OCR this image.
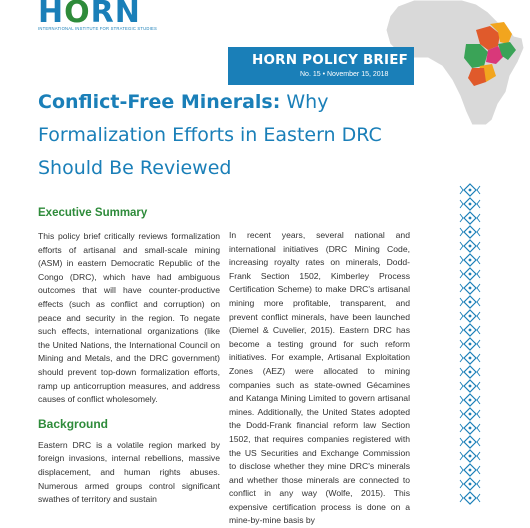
HORN
INTERNATIONAL INSTITUTE FOR STRATEGIC STUDIES
HORN POLICY BRIEF
No. 15 • November 15, 2018
Conflict-Free Minerals: Why
Formalization Efforts in Eastern DRC
Should Be Reviewed
Executive Summary

This policy brief critically reviews formalization efforts of artisanal and small-scale mining (ASM) in eastern Democratic Republic of the Congo (DRC), which have had ambiguous outcomes that will have counter-productive effects (such as conflict and corruption) on peace and security in the region. To negate such effects, international organizations (like the United Nations, the International Council on Mining and Metals, and the DRC government) should prevent top-down formalization efforts, ramp up anticorruption measures, and address causes of conflict wholesomely.

Background

Eastern DRC is a volatile region marked by foreign invasions, internal rebellions, massive displacement, and human rights abuses. Numerous armed groups control significant swathes of territory and sustain

In recent years, several national and international initiatives (DRC Mining Code, increasing royalty rates on minerals, Dodd-Frank Section 1502, Kimberley Process Certification Scheme) to make DRC's artisanal mining more profitable, transparent, and prevent conflict minerals, have been launched (Diemel & Cuvelier, 2015). Eastern DRC has become a testing ground for such reform initiatives. For example, Artisanal Exploitation Zones (AEZ) were allocated to mining companies such as state-owned Gécamines and Katanga Mining Limited to govern artisanal mines. Additionally, the United States adopted the Dodd-Frank financial reform law Section 1502, that requires companies registered with the US Securities and Exchange Commission to disclose whether they mine DRC's minerals and whether those minerals are connected to conflict in any way (Wolfe, 2015). This expensive certification process is done on a mine-by-mine basis by
